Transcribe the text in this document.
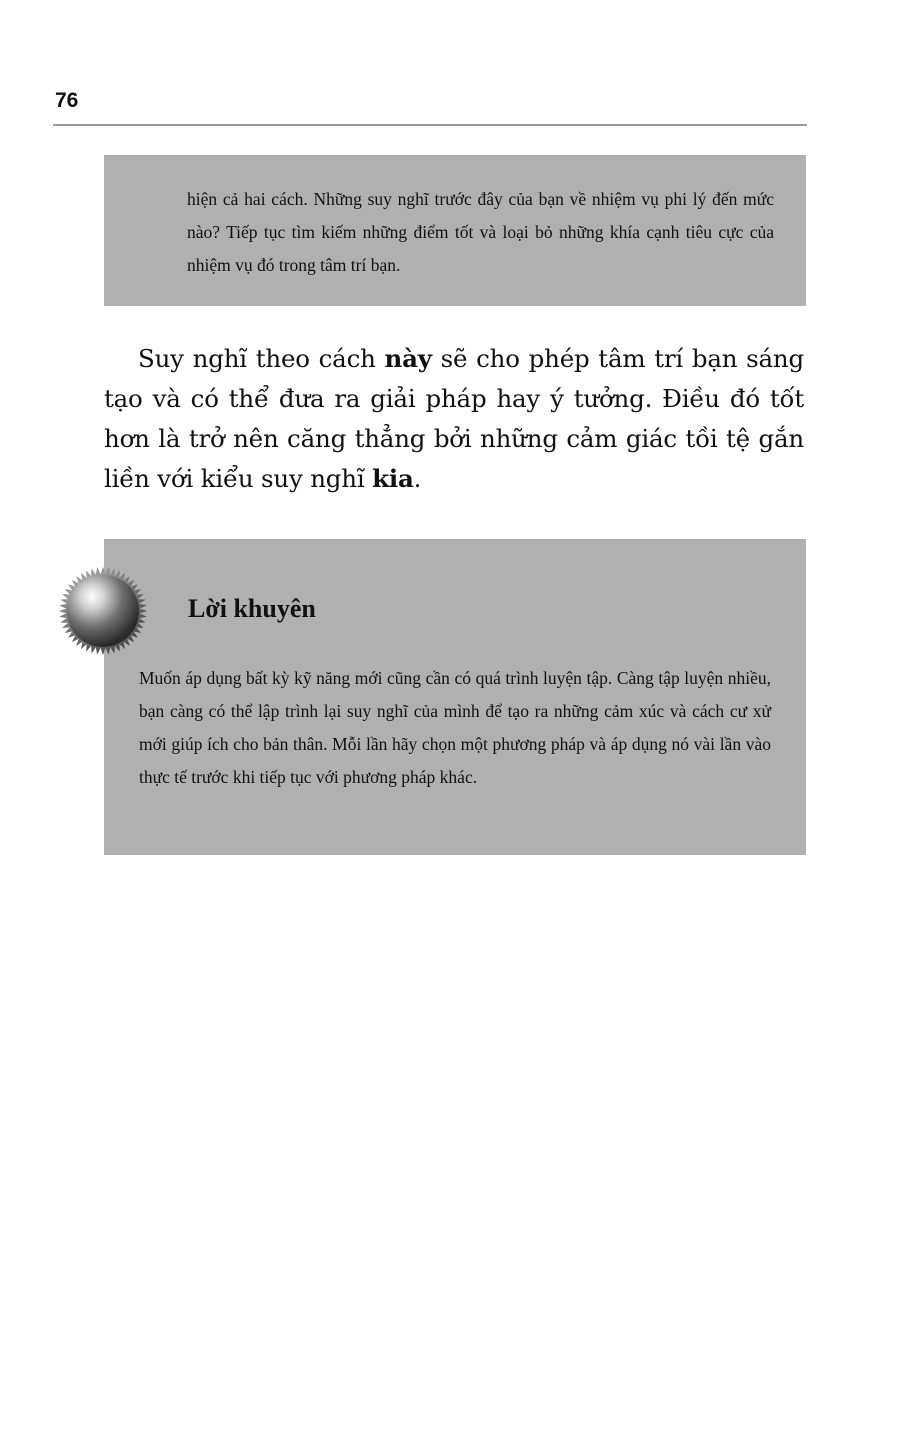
76

hiện cả hai cách. Những suy nghĩ trước đây của bạn về nhiệm vụ phi lý đến mức nào? Tiếp tục tìm kiếm những điểm tốt và loại bỏ những khía cạnh tiêu cực của nhiệm vụ đó trong tâm trí bạn.

Suy nghĩ theo cách này sẽ cho phép tâm trí bạn sáng tạo và có thể đưa ra giải pháp hay ý tưởng. Điều đó tốt hơn là trở nên căng thẳng bởi những cảm giác tồi tệ gắn liền với kiểu suy nghĩ kia.

Lời khuyên

Muốn áp dụng bất kỳ kỹ năng mới cũng cần có quá trình luyện tập. Càng tập luyện nhiều, bạn càng có thể lập trình lại suy nghĩ của mình để tạo ra những cảm xúc và cách cư xử mới giúp ích cho bản thân. Mỗi lần hãy chọn một phương pháp và áp dụng nó vài lần vào thực tế trước khi tiếp tục với phương pháp khác.
